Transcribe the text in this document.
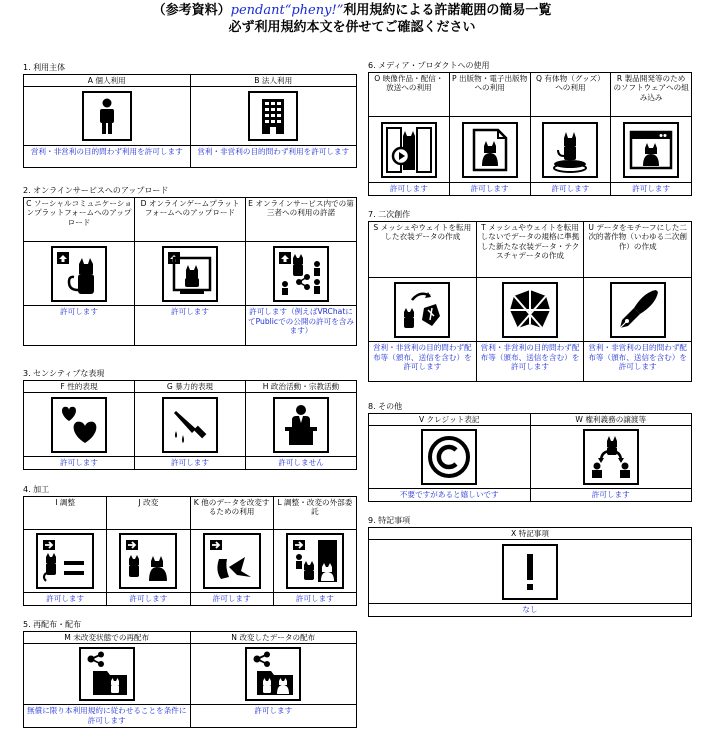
（参考資料）pendant“pheny!”利用規約による許諾範囲の簡易一覧
必ず利用規約本文を併せてご確認ください
1. 利用主体
A 個人利用
営利・非営利の目的問わず利用を許可します
B 法人利用
営利・非営利の目的問わず利用を許可します
2. オンラインサービスへのアップロード
C ソーシャルコミュニケーションプラットフォームへのアップロード
許可します
D オンラインゲームプラットフォームへのアップロード
許可します
E オンラインサービス内での第三者への利用の許諾
許可します（例えばVRChatにてPublicでの公開の許可を含みます）
3. センシティブな表現
F 性的表現
許可します
G 暴力的表現
許可します
H 政治活動・宗教活動
許可しません
4. 加工
I 調整
許可します
J 改変
許可します
K 他のデータを改変するための利用
許可します
L 調整・改変の外部委託
許可します
5. 再配布・配布
M 未改変状態での再配布
無償に限り本利用規約に従わせることを条件に許可します
N 改変したデータの配布
許可します
6. メディア・プロダクトへの使用
O 映像作品・配信・放送への利用
許可します
P 出版物・電子出版物への利用
許可します
Q 有体物（グッズ）への利用
許可します
R 製品開発等のためのソフトウェアへの組み込み
許可します
7. 二次創作
S メッシュやウェイトを転用した衣装データの作成
営利・非営利の目的問わず配布等（頒布、送信を含む）を許可します
T メッシュやウェイトを転用しないでデータの規格に準拠した新たな衣装データ・テクスチャデータの作成
営利・非営利の目的問わず配布等（頒布、送信を含む）を許可します
U データをモチーフにした二次的著作物（いわゆる二次創作）の作成
営利・非営利の目的問わず配布等（頒布、送信を含む）を許可します
8. その他
V クレジット表記
不要ですがあると嬉しいです
W 権利義務の譲渡等
許可します
9. 特記事項
X 特記事項
なし
